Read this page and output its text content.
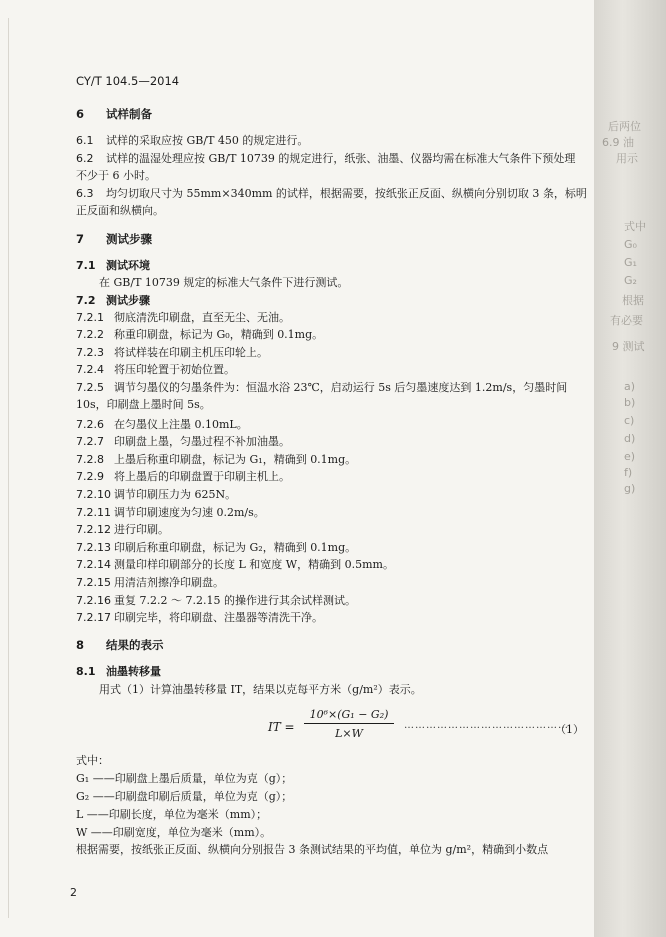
CY/T 104.5—2014
6 试样制备
6.1 试样的采取应按 GB/T 450 的规定进行。
6.2 试样的温湿处理应按 GB/T 10739 的规定进行，纸张、油墨、仪器均需在标准大气条件下预处理
不少于 6 小时。
6.3 均匀切取尺寸为 55mm×340mm 的试样，根据需要，按纸张正反面、纵横向分别切取 3 条，标明
正反面和纵横向。
7 测试步骤
7.1 测试环境
在 GB/T 10739 规定的标准大气条件下进行测试。
7.2 测试步骤
7.2.1 彻底清洗印刷盘，直至无尘、无油。
7.2.2 称重印刷盘，标记为 G₀，精确到 0.1mg。
7.2.3 将试样装在印刷主机压印轮上。
7.2.4 将压印轮置于初始位置。
7.2.5 调节匀墨仪的匀墨条件为：恒温水浴 23℃，启动运行 5s 后匀墨速度达到 1.2m/s，匀墨时间
10s，印刷盘上墨时间 5s。
7.2.6 在匀墨仪上注墨 0.10mL。
7.2.7 印刷盘上墨，匀墨过程不补加油墨。
7.2.8 上墨后称重印刷盘，标记为 G₁，精确到 0.1mg。
7.2.9 将上墨后的印刷盘置于印刷主机上。
7.2.10 调节印刷压力为 625N。
7.2.11 调节印刷速度为匀速 0.2m/s。
7.2.12 进行印刷。
7.2.13 印刷后称重印刷盘，标记为 G₂，精确到 0.1mg。
7.2.14 测量印样印刷部分的长度 L 和宽度 W，精确到 0.5mm。
7.2.15 用清洁剂擦净印刷盘。
7.2.16 重复 7.2.2 ～ 7.2.15 的操作进行其余试样测试。
7.2.17 印刷完毕，将印刷盘、注墨器等清洗干净。
8 结果的表示
8.1 油墨转移量
用式（1）计算油墨转移量 IT，结果以克每平方米（g/m²）表示。
IT = $\frac{\text{10⁶×(G₁ − G₂)}}{L\times W}$ ………………………………………
（1）
式中：
G₁ ——印刷盘上墨后质量，单位为克（g）；
G₂ ——印刷盘印刷后质量，单位为克（g）；
L ——印刷长度，单位为毫米（mm）；
W ——印刷宽度，单位为毫米（mm）。
根据需要，按纸张正反面、纵横向分别报告 3 条测试结果的平均值，单位为 g/m²，精确到小数点
2
后两位
6.9 油
用示
式中
G₀
G₁
G₂
根据
有必要
9 测试
a)
b)
c)
d)
e)
f)
g)
